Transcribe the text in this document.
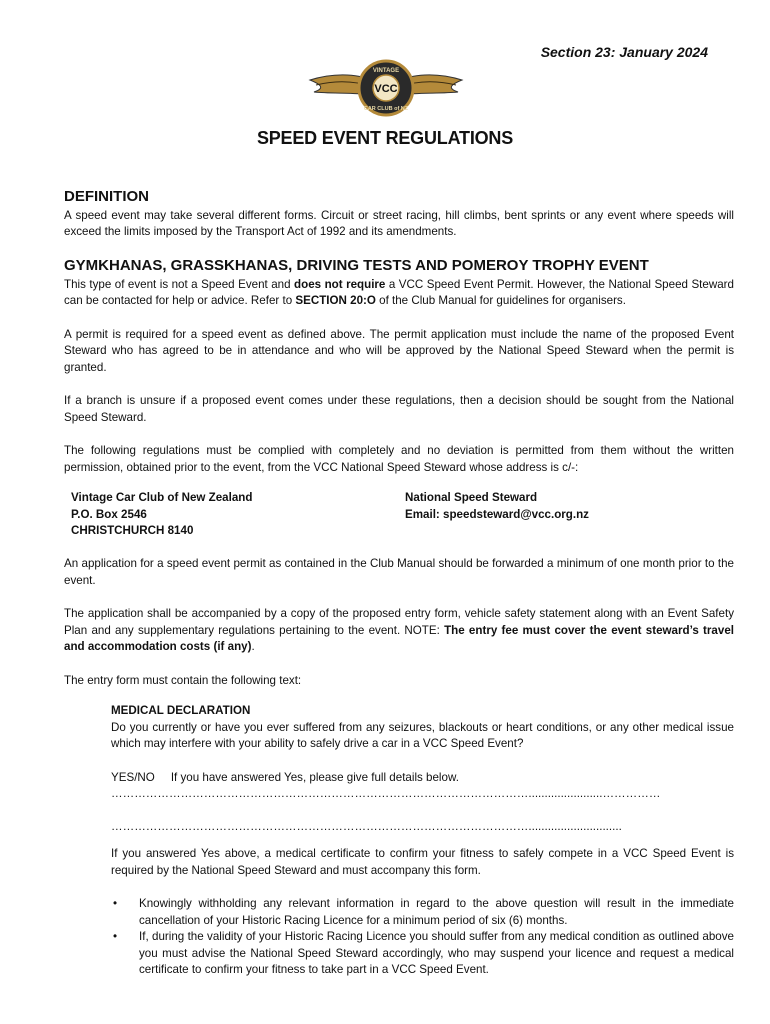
Section 23: January 2024
VCC
VINTAGE
CAR CLUB of NZ
SPEED EVENT REGULATIONS
DEFINITION

A speed event may take several different forms. Circuit or street racing, hill climbs, bent sprints or any event where speeds will exceed the limits imposed by the Transport Act of 1992 and its amendments.

GYMKHANAS, GRASSKHANAS, DRIVING TESTS AND POMEROY TROPHY EVENT

This type of event is not a Speed Event and does not require a VCC Speed Event Permit. However, the National Speed Steward can be contacted for help or advice. Refer to SECTION 20:O of the Club Manual for guidelines for organisers.

A permit is required for a speed event as defined above. The permit application must include the name of the proposed Event Steward who has agreed to be in attendance and who will be approved by the National Speed Steward when the permit is granted.

If a branch is unsure if a proposed event comes under these regulations, then a decision should be sought from the National Speed Steward.

The following regulations must be complied with completely and no deviation is permitted from them without the written permission, obtained prior to the event, from the VCC National Speed Steward whose address is c/-:

Vintage Car Club of New Zealand
P.O. Box 2546
CHRISTCHURCH 8140
National Speed Steward
Email: speedsteward@vcc.org.nz

An application for a speed event permit as contained in the Club Manual should be forwarded a minimum of one month prior to the event.

The application shall be accompanied by a copy of the proposed entry form, vehicle safety statement along with an Event Safety Plan and any supplementary regulations pertaining to the event. NOTE: The entry fee must cover the event steward’s travel and accommodation costs (if any).

The entry form must contain the following text:

MEDICAL DECLARATION

Do you currently or have you ever suffered from any seizures, blackouts or heart conditions, or any other medical issue which may interfere with your ability to safely drive a car in a VCC Speed Event?

YES/NO If you have answered Yes, please give full details below.
……………………………………………………………………………………………….......................……………
……………………………………………………………………………………………….............................

If you answered Yes above, a medical certificate to confirm your fitness to safely compete in a VCC Speed Event is required by the National Speed Steward and must accompany this form.

• Knowingly withholding any relevant information in regard to the above question will result in the immediate cancellation of your Historic Racing Licence for a minimum period of six (6) months.
• If, during the validity of your Historic Racing Licence you should suffer from any medical condition as outlined above you must advise the National Speed Steward accordingly, who may suspend your licence and request a medical certificate to confirm your fitness to take part in a VCC Speed Event.
